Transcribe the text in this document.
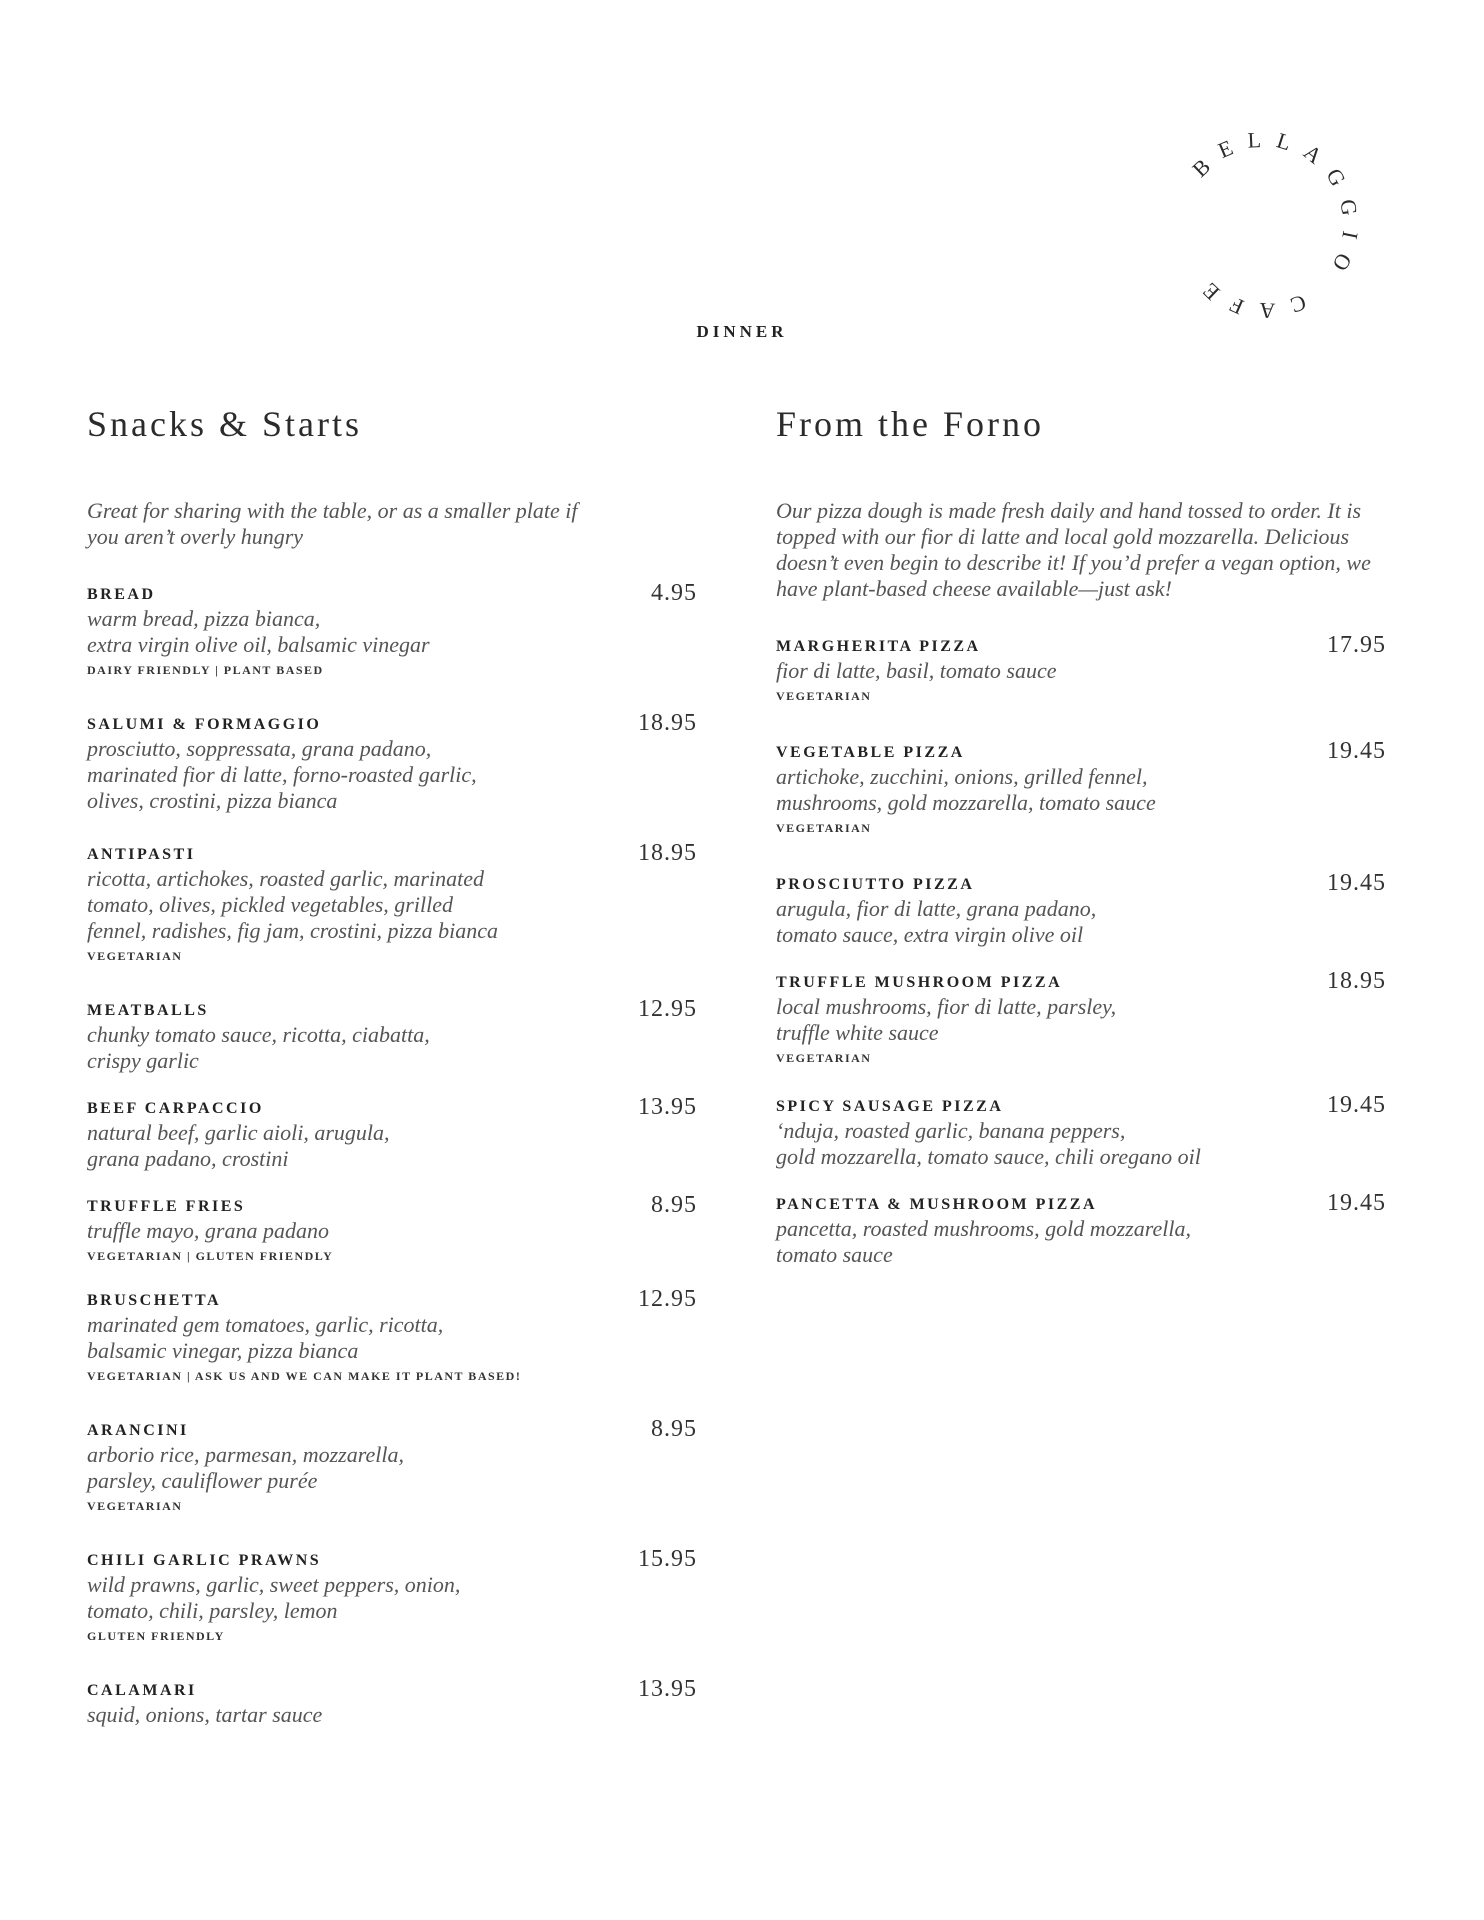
BELLAGGIO
CAFE
DINNER
Snacks & Starts
Great for sharing with the table, or as a smaller plate if you aren’t overly hungry
BREAD	4.95
warm bread, pizza bianca,
extra virgin olive oil, balsamic vinegar
DAIRY FRIENDLY | PLANT BASED
SALUMI & FORMAGGIO	18.95
prosciutto, soppressata, grana padano,
marinated fior di latte, forno-roasted garlic,
olives, crostini, pizza bianca
ANTIPASTI	18.95
ricotta, artichokes, roasted garlic, marinated
tomato, olives, pickled vegetables, grilled
fennel, radishes, fig jam, crostini, pizza bianca
VEGETARIAN
MEATBALLS	12.95
chunky tomato sauce, ricotta, ciabatta,
crispy garlic
BEEF CARPACCIO	13.95
natural beef, garlic aioli, arugula,
grana padano, crostini
TRUFFLE FRIES	8.95
truffle mayo, grana padano
VEGETARIAN | GLUTEN FRIENDLY
BRUSCHETTA	12.95
marinated gem tomatoes, garlic, ricotta,
balsamic vinegar, pizza bianca
VEGETARIAN | ASK US AND WE CAN MAKE IT PLANT BASED!
ARANCINI	8.95
arborio rice, parmesan, mozzarella,
parsley, cauliflower purée
VEGETARIAN
CHILI GARLIC PRAWNS	15.95
wild prawns, garlic, sweet peppers, onion,
tomato, chili, parsley, lemon
GLUTEN FRIENDLY
CALAMARI	13.95
squid, onions, tartar sauce
From the Forno
Our pizza dough is made fresh daily and hand tossed to order. It is topped with our fior di latte and local gold mozzarella. Delicious doesn’t even begin to describe it! If you’d prefer a vegan option, we have plant-based cheese available—just ask!
MARGHERITA PIZZA	17.95
fior di latte, basil, tomato sauce
VEGETARIAN
VEGETABLE PIZZA	19.45
artichoke, zucchini, onions, grilled fennel,
mushrooms, gold mozzarella, tomato sauce
VEGETARIAN
PROSCIUTTO PIZZA	19.45
arugula, fior di latte, grana padano,
tomato sauce, extra virgin olive oil
TRUFFLE MUSHROOM PIZZA	18.95
local mushrooms, fior di latte, parsley,
truffle white sauce
VEGETARIAN
SPICY SAUSAGE PIZZA	19.45
‘nduja, roasted garlic, banana peppers,
gold mozzarella, tomato sauce, chili oregano oil
PANCETTA & MUSHROOM PIZZA	19.45
pancetta, roasted mushrooms, gold mozzarella,
tomato sauce
